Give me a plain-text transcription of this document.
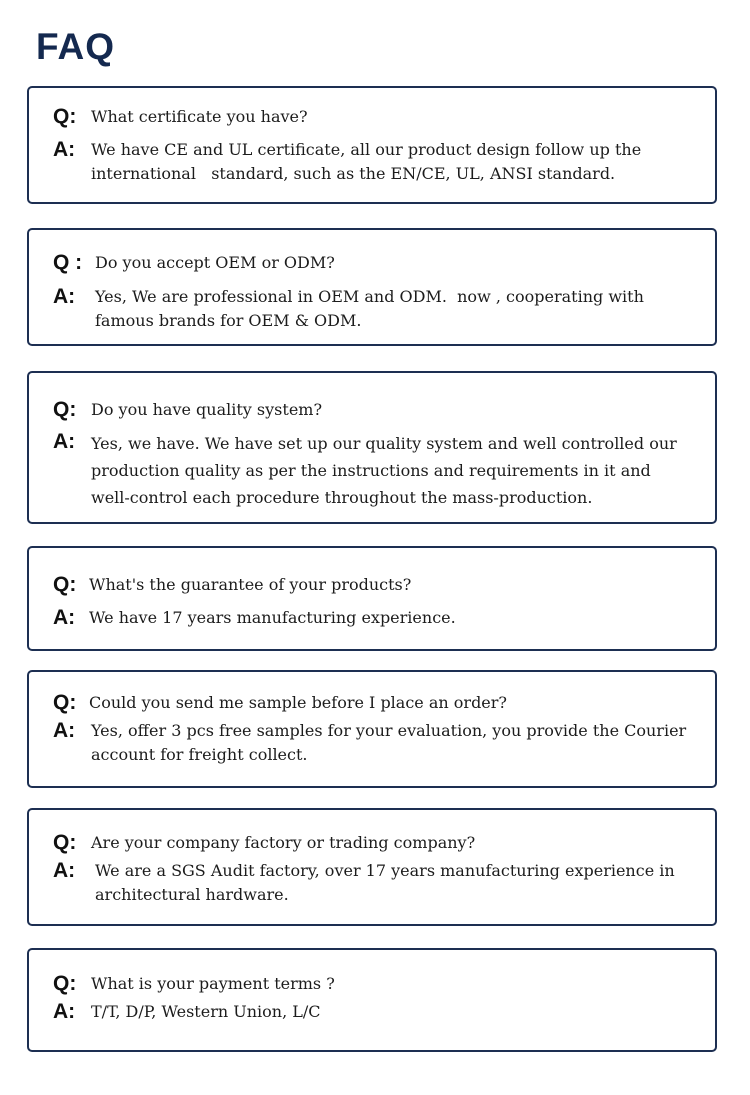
FAQ
Q: What certificate you have?
A: We have CE and UL certificate, all our product design follow up the international   standard, such as the EN/CE, UL, ANSI standard.
Q : Do you accept OEM or ODM?
A: Yes, We are professional in OEM and ODM.  now , cooperating with famous brands for OEM & ODM.
Q: Do you have quality system?
A: Yes, we have. We have set up our quality system and well controlled our production quality as per the instructions and requirements in it and well-control each procedure throughout the mass-production.
Q: What's the guarantee of your products?
A: We have 17 years manufacturing experience.
Q: Could you send me sample before I place an order?
A: Yes, offer 3 pcs free samples for your evaluation, you provide the Courier account for freight collect.
Q: Are your company factory or trading company?
A: We are a SGS Audit factory, over 17 years manufacturing experience in architectural hardware.
Q: What is your payment terms ?
A: T/T, D/P, Western Union, L/C
